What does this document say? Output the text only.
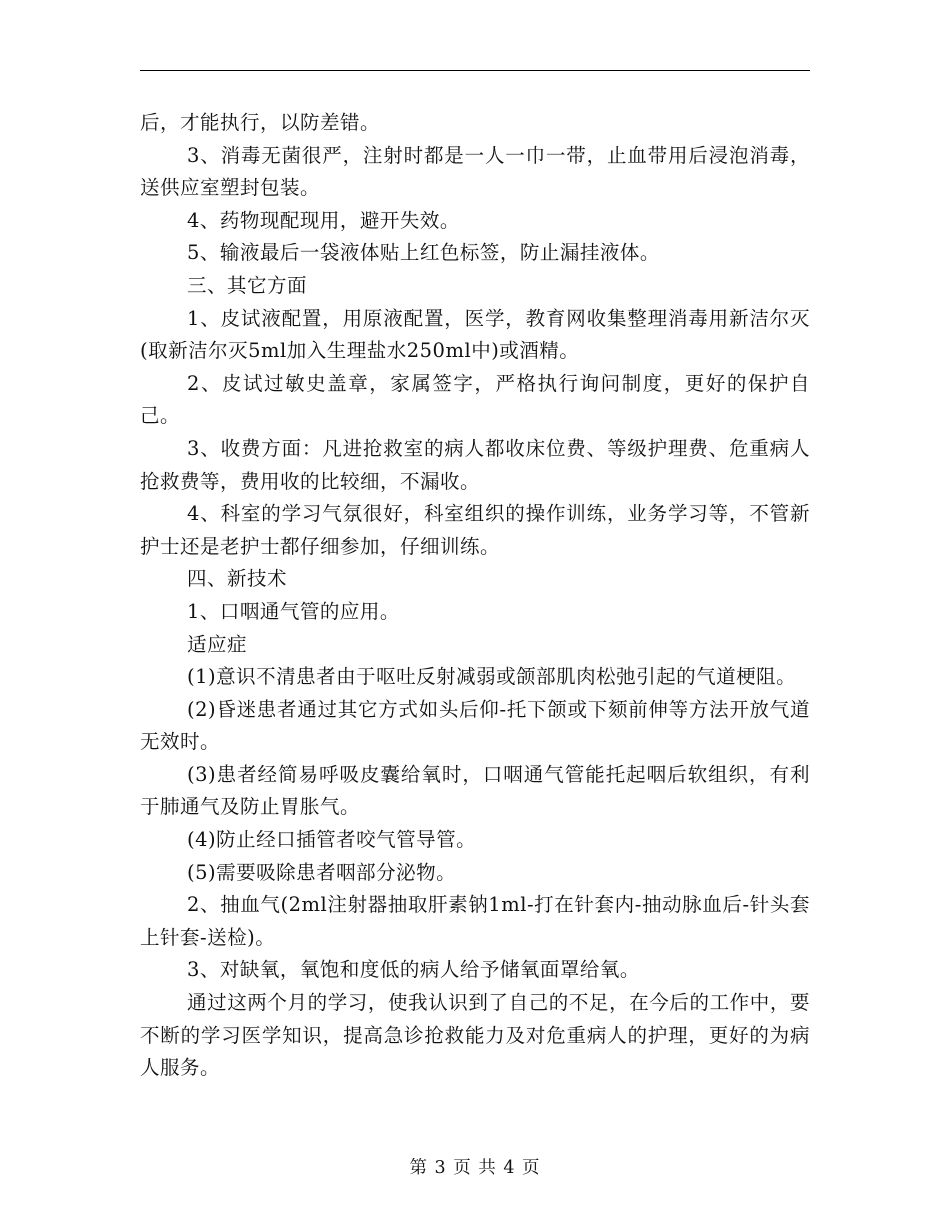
后，才能执行，以防差错。

3、消毒无菌很严，注射时都是一人一巾一带，止血带用后浸泡消毒，送供应室塑封包装。

4、药物现配现用，避开失效。

5、输液最后一袋液体贴上红色标签，防止漏挂液体。

三、其它方面

1、皮试液配置，用原液配置，医学，教育网收集整理消毒用新洁尔灭(取新洁尔灭5ml加入生理盐水250ml中)或酒精。

2、皮试过敏史盖章，家属签字，严格执行询问制度，更好的保护自己。

3、收费方面：凡进抢救室的病人都收床位费、等级护理费、危重病人抢救费等，费用收的比较细，不漏收。

4、科室的学习气氛很好，科室组织的操作训练，业务学习等，不管新护士还是老护士都仔细参加，仔细训练。

四、新技术

1、口咽通气管的应用。

适应症

(1)意识不清患者由于呕吐反射减弱或颌部肌肉松弛引起的气道梗阻。

(2)昏迷患者通过其它方式如头后仰-托下颌或下颏前伸等方法开放气道无效时。

(3)患者经简易呼吸皮囊给氧时，口咽通气管能托起咽后软组织，有利于肺通气及防止胃胀气。

(4)防止经口插管者咬气管导管。

(5)需要吸除患者咽部分泌物。

2、抽血气(2ml注射器抽取肝素钠1ml-打在针套内-抽动脉血后-针头套上针套-送检)。

3、对缺氧，氧饱和度低的病人给予储氧面罩给氧。

通过这两个月的学习，使我认识到了自己的不足，在今后的工作中，要不断的学习医学知识，提高急诊抢救能力及对危重病人的护理，更好的为病人服务。

第 3 页 共 4 页
